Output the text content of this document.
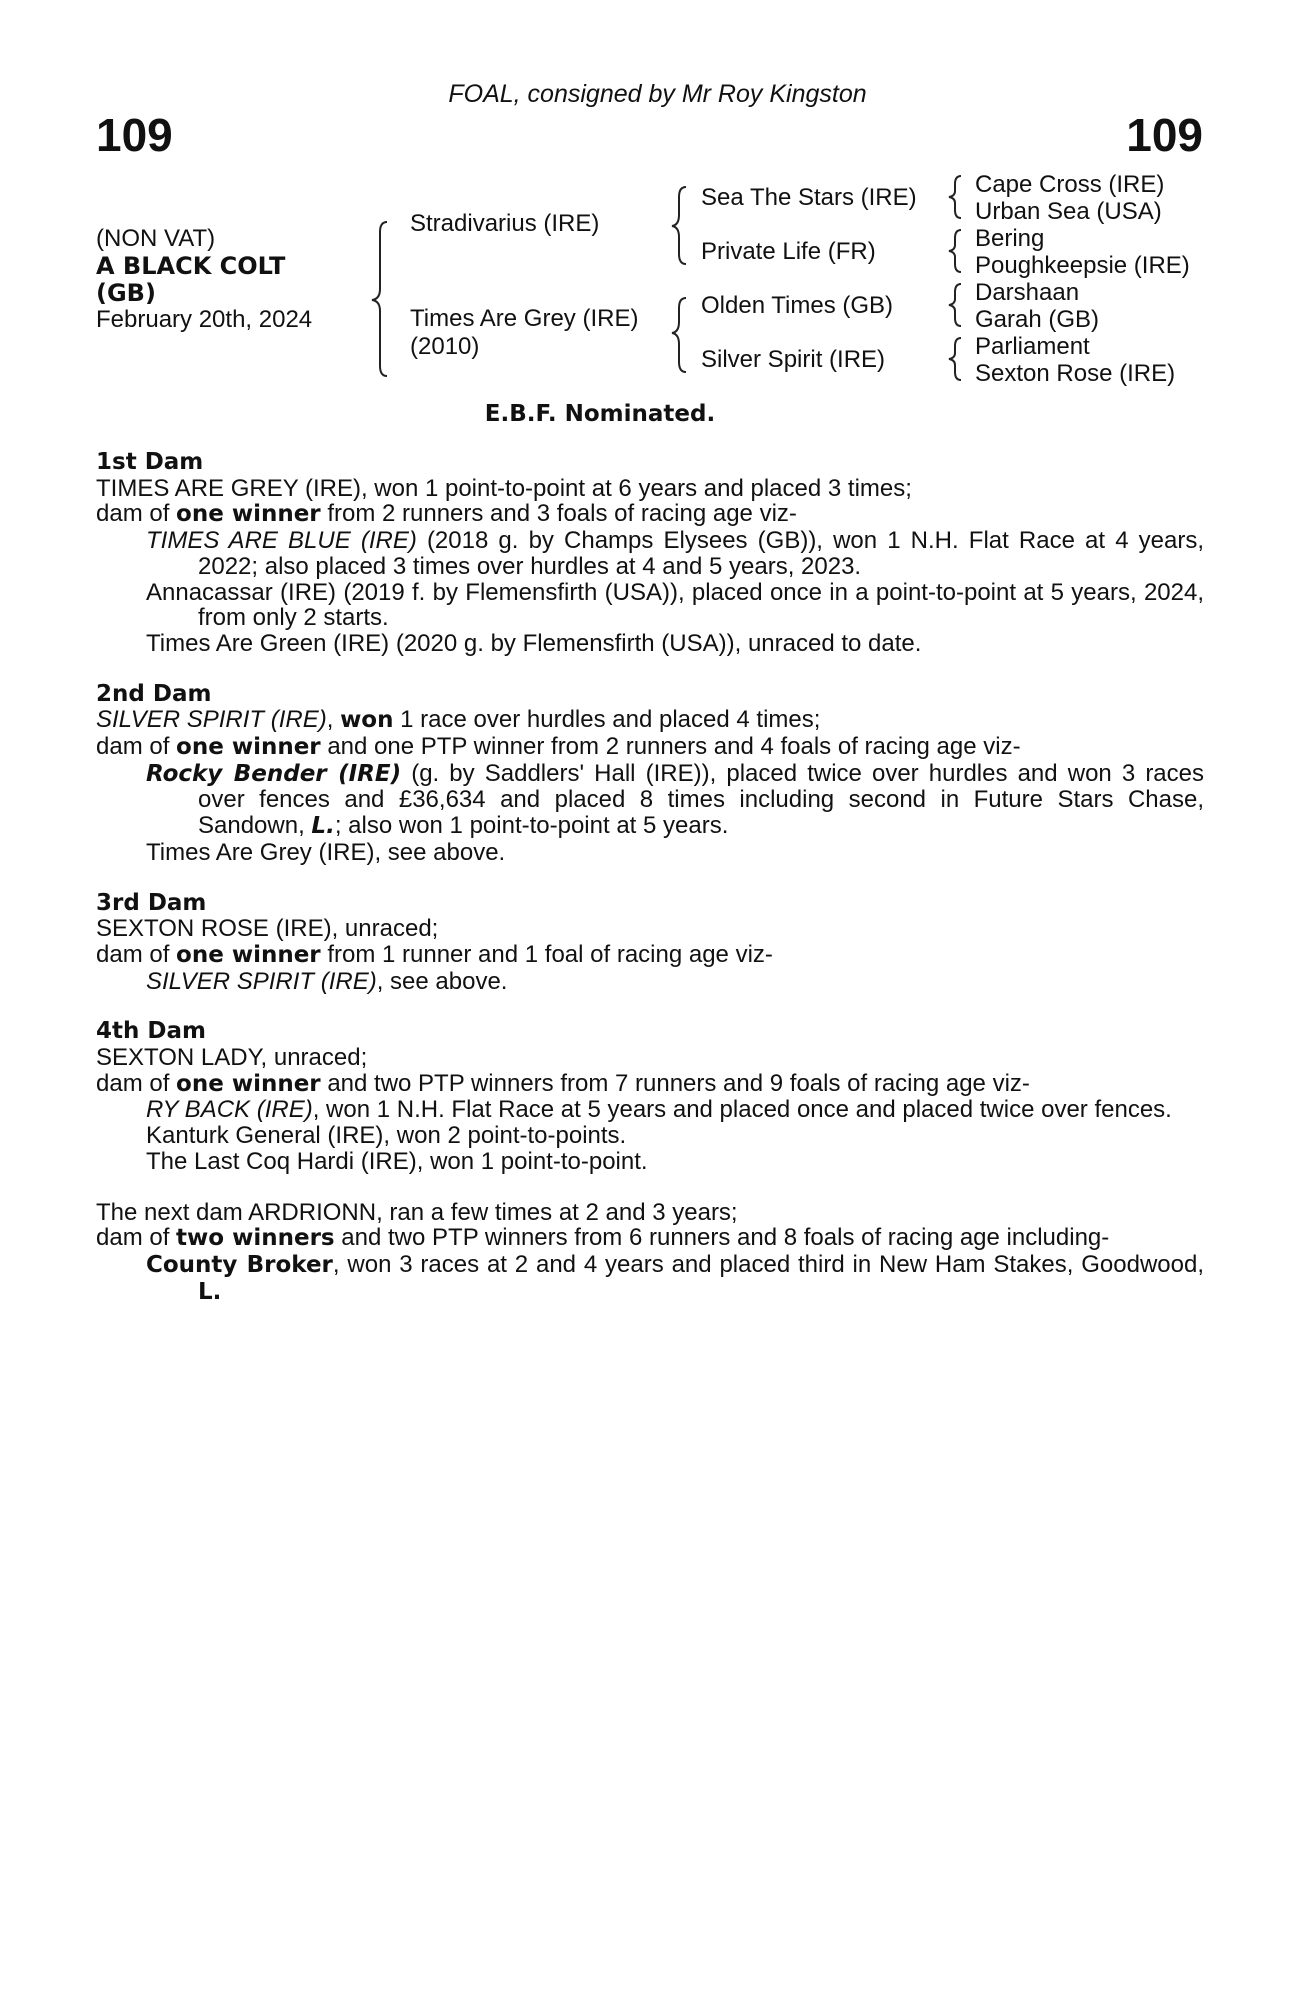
FOAL, consigned by Mr Roy Kingston
109	109
(NON VAT)
A BLACK COLT
(GB)
February 20th, 2024
Stradivarius (IRE)
Times Are Grey (IRE)
(2010)
Sea The Stars (IRE)
Private Life (FR)
Olden Times (GB)
Silver Spirit (IRE)
Cape Cross (IRE)
Urban Sea (USA)
Bering
Poughkeepsie (IRE)
Darshaan
Garah (GB)
Parliament
Sexton Rose (IRE)
E.B.F. Nominated.

1st Dam

TIMES ARE GREY (IRE), won 1 point-to-point at 6 years and placed 3 times;

dam of one winner from 2 runners and 3 foals of racing age viz-

TIMES ARE BLUE (IRE) (2018 g. by Champs Elysees (GB)), won 1 N.H. Flat Race at 4 years, 2022; also placed 3 times over hurdles at 4 and 5 years, 2023.

Annacassar (IRE) (2019 f. by Flemensfirth (USA)), placed once in a point-to-point at 5 years, 2024, from only 2 starts.

Times Are Green (IRE) (2020 g. by Flemensfirth (USA)), unraced to date.

2nd Dam

SILVER SPIRIT (IRE), won 1 race over hurdles and placed 4 times;

dam of one winner and one PTP winner from 2 runners and 4 foals of racing age viz-

Rocky Bender (IRE) (g. by Saddlers' Hall (IRE)), placed twice over hurdles and won 3 races over fences and £36,634 and placed 8 times including second in Future Stars Chase, Sandown, L.; also won 1 point-to-point at 5 years.

Times Are Grey (IRE), see above.

3rd Dam

SEXTON ROSE (IRE), unraced;

dam of one winner from 1 runner and 1 foal of racing age viz-

SILVER SPIRIT (IRE), see above.

4th Dam

SEXTON LADY, unraced;

dam of one winner and two PTP winners from 7 runners and 9 foals of racing age viz-

RY BACK (IRE), won 1 N.H. Flat Race at 5 years and placed once and placed twice over fences.

Kanturk General (IRE), won 2 point-to-points.

The Last Coq Hardi (IRE), won 1 point-to-point.

The next dam ARDRIONN, ran a few times at 2 and 3 years;

dam of two winners and two PTP winners from 6 runners and 8 foals of racing age including-

County Broker, won 3 races at 2 and 4 years and placed third in New Ham Stakes, Goodwood, L.
